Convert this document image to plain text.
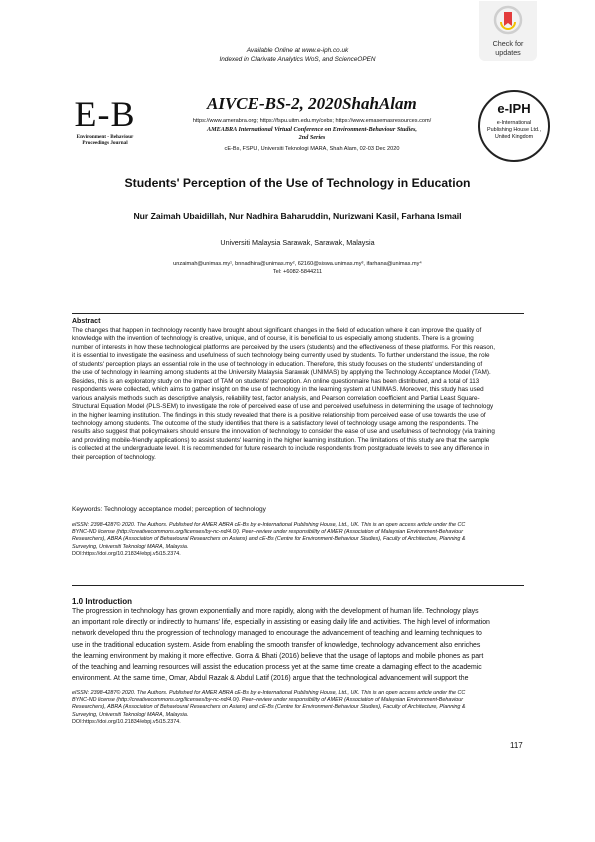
Available Online at www.e-iph.co.uk
Indexed in Clarivate Analytics WoS, and ScienceOPEN
Check for
updates
E-B
Environment - Behaviour
Proceedings Journal
AIVCE-BS-2, 2020ShahAlam
https://www.amerabra.org; https://fspu.uitm.edu.my/cebs; https://www.emasemasresources.com/
AMEABRA International Virtual Conference on Environment-Behaviour Studies,
2nd Series
cE-Bs, FSPU, Universiti Teknologi MARA, Shah Alam, 02-03 Dec 2020
e-IPH
e-International
Publishing House Ltd.,
United Kingdom
Students' Perception of the Use of Technology in Education
Nur Zaimah Ubaidillah, Nur Nadhira Baharuddin, Nurizwani Kasil, Farhana Ismail
Universiti Malaysia Sarawak, Sarawak, Malaysia
unzaimah@unimas.my¹, bnnadhira@unimas.my², 62160@siswa.unimas.my³, ifarhana@unimas.my⁴
Tel: +6082-5844211
Abstract
The changes that happen in technology recently have brought about significant changes in the field of education where it can improve the quality of
knowledge with the invention of technology is creative, unique, and of course, it is beneficial to us especially among students. There is a growing
number of interests in how these technological platforms are perceived by the users (students) and the effectiveness of these platforms. For this reason,
it is essential to investigate the easiness and usefulness of such technology being currently used by students. To further understand the issue, the role
of students' perception plays an essential role in the use of technology in education. Therefore, this study focuses on the students' understanding of
the use of technology in learning among students at the University Malaysia Sarawak (UNIMAS) by applying the Technology Acceptance Model (TAM).
Besides, this is an exploratory study on the impact of TAM on students' perception. An online questionnaire has been distributed, and a total of 113
respondents were collected, which aims to gather insight on the use of technology in the learning system at UNIMAS. Moreover, this study has used
various analysis methods such as descriptive analysis, reliability test, factor analysis, and Pearson correlation coefficient and Partial Least Square-
Structural Equation Model (PLS-SEM) to investigate the role of perceived ease of use and perceived usefulness in determining the usage of technology
in the higher learning institution. The findings in this study revealed that there is a positive relationship from perceived ease of use towards the use of
technology among students. The outcome of the study identifies that there is a satisfactory level of technology usage among the respondents. The
results also suggest that policymakers should ensure the innovation of technology to consider the ease of use and usefulness of technology (via training
and providing mobile-friendly applications) to assist students' learning in the higher learning institution. The limitations of this study are that the sample
is collected at the undergraduate level. It is recommended for future research to include respondents from postgraduate levels to see any difference in
their perception of technology.
Keywords: Technology acceptance model; perception of technology
eISSN: 2398-4287© 2020. The Authors. Published for AMER ABRA cE-Bs by e-International Publishing House, Ltd., UK. This is an open access article under the CC
BYNC-ND license (http://creativecommons.org/licenses/by-nc-nd/4.0/). Peer–review under responsibility of AMER (Association of Malaysian Environment-Behaviour
Researchers), ABRA (Association of Behavioural Researchers on Asians) and cE-Bs (Centre for Environment-Behaviour Studies), Faculty of Architecture, Planning &
Surveying, Universiti Teknologi MARA, Malaysia.
DOI:https://doi.org/10.21834/ebpj.v5i15.2374.
1.0 Introduction
The progression in technology has grown exponentially and more rapidly, along with the development of human life. Technology plays
an important role directly or indirectly to humans' life, especially in assisting or easing daily life and activities. The high level of information
network developed thru the progression of technology managed to encourage the advancement of teaching and learning techniques to
use in the traditional education system. Aside from enabling the smooth transfer of knowledge, technology advancement also enriches
the learning environment by making it more effective. Gorra & Bhati (2016) believe that the usage of laptops and mobile phones as part
of the teaching and learning resources will assist the education process yet at the same time create a damaging effect to the academic
environment. At the same time, Omar, Abdul Razak & Abdul Latif (2016) argue that the technological advancement will support the
eISSN: 2398-4287© 2020. The Authors. Published for AMER ABRA cE-Bs by e-International Publishing House, Ltd., UK. This is an open access article under the CC
BYNC-ND license (http://creativecommons.org/licenses/by-nc-nd/4.0/). Peer–review under responsibility of AMER (Association of Malaysian Environment-Behaviour
Researchers), ABRA (Association of Behavioural Researchers on Asians) and cE-Bs (Centre for Environment-Behaviour Studies), Faculty of Architecture, Planning &
Surveying, Universiti Teknologi MARA, Malaysia.
DOI:https://doi.org/10.21834/ebpj.v5i15.2374.
117
